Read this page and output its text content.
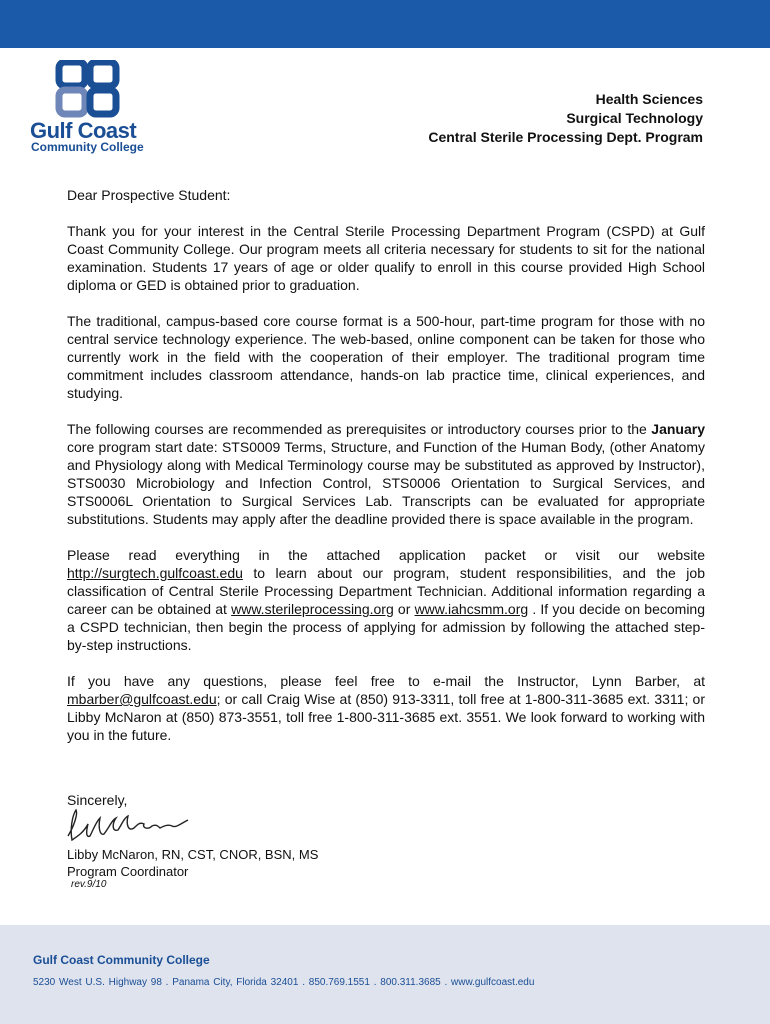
Gulf Coast
Community College
Health Sciences
Surgical Technology
Central Sterile Processing Dept. Program

Dear Prospective Student:

Thank you for your interest in the Central Sterile Processing Department Program (CSPD) at Gulf Coast Community College. Our program meets all criteria necessary for students to sit for the national examination. Students 17 years of age or older qualify to enroll in this course provided High School diploma or GED is obtained prior to graduation.

The traditional, campus-based core course format is a 500-hour, part-time program for those with no central service technology experience. The web-based, online component can be taken for those who currently work in the field with the cooperation of their employer. The traditional program time commitment includes classroom attendance, hands-on lab practice time, clinical experiences, and studying.

The following courses are recommended as prerequisites or introductory courses prior to the January core program start date: STS0009 Terms, Structure, and Function of the Human Body, (other Anatomy and Physiology along with Medical Terminology course may be substituted as approved by Instructor), STS0030 Microbiology and Infection Control, STS0006 Orientation to Surgical Services, and STS0006L Orientation to Surgical Services Lab. Transcripts can be evaluated for appropriate substitutions. Students may apply after the deadline provided there is space available in the program.

Please read everything in the attached application packet or visit our website http://surgtech.gulfcoast.edu to learn about our program, student responsibilities, and the job classification of Central Sterile Processing Department Technician. Additional information regarding a career can be obtained at www.sterileprocessing.org or www.iahcsmm.org . If you decide on becoming a CSPD technician, then begin the process of applying for admission by following the attached step-by-step instructions.

If you have any questions, please feel free to e-mail the Instructor, Lynn Barber, at mbarber@gulfcoast.edu; or call Craig Wise at (850) 913-3311, toll free at 1-800-311-3685 ext. 3311; or Libby McNaron at (850) 873-3551, toll free 1-800-311-3685 ext. 3551. We look forward to working with you in the future.

Sincerely,
Libby McNaron, RN, CST, CNOR, BSN, MS
Program Coordinator
rev.9/10
Gulf Coast Community College
5230 West U.S. Highway 98 . Panama City, Florida 32401 . 850.769.1551 . 800.311.3685 . www.gulfcoast.edu
